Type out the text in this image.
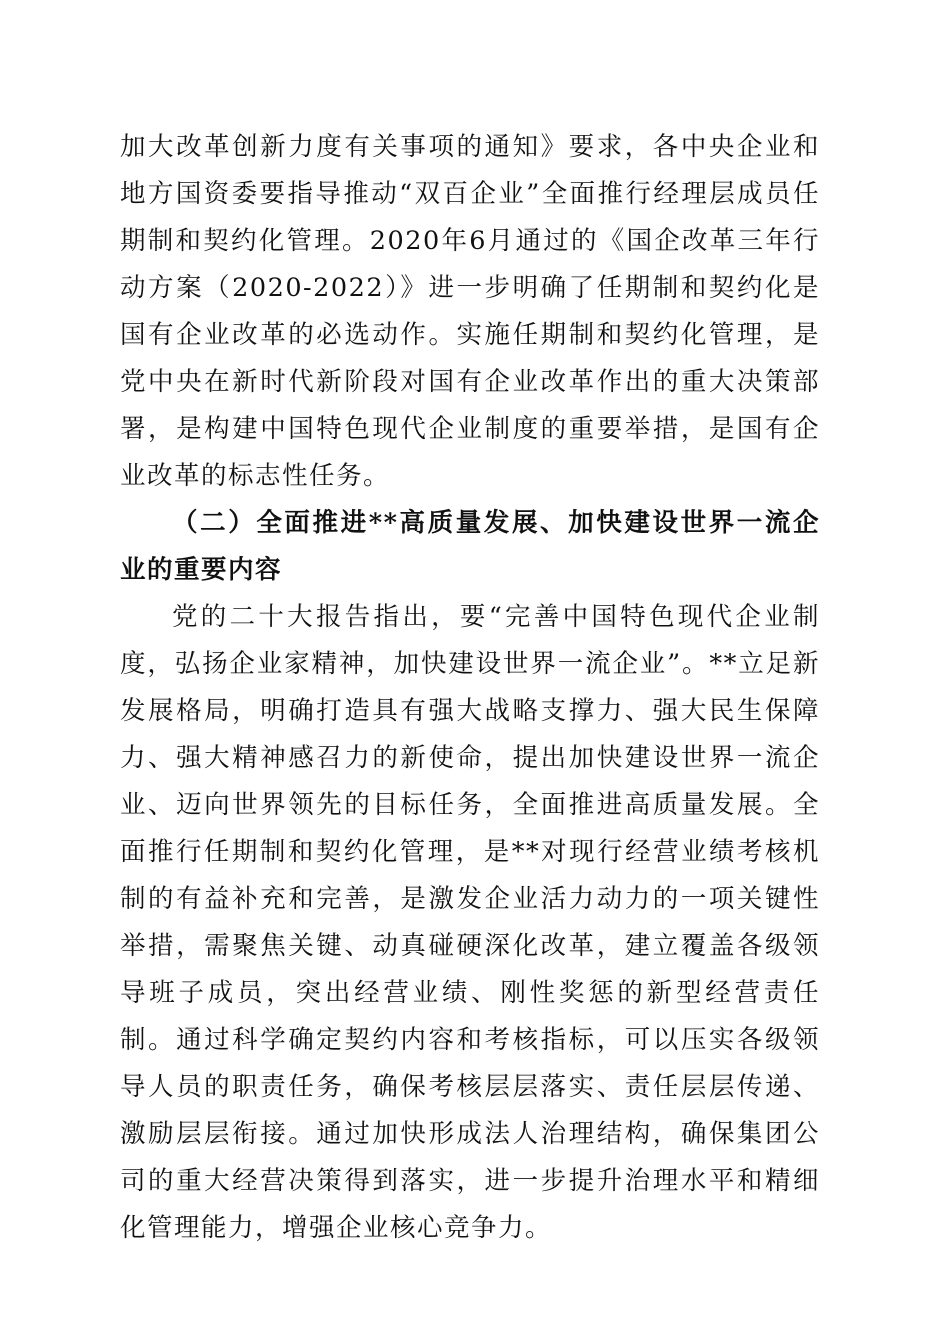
加大改革创新力度有关事项的通知》要求，各中央企业和地方国资委要指导推动“双百企业”全面推行经理层成员任期制和契约化管理。2020年6月通过的《国企改革三年行动方案（2020-2022）》进一步明确了任期制和契约化是国有企业改革的必选动作。实施任期制和契约化管理，是党中央在新时代新阶段对国有企业改革作出的重大决策部署，是构建中国特色现代企业制度的重要举措，是国有企业改革的标志性任务。

（二）全面推进**高质量发展、加快建设世界一流企业的重要内容

党的二十大报告指出，要“完善中国特色现代企业制度，弘扬企业家精神，加快建设世界一流企业”。**立足新发展格局，明确打造具有强大战略支撑力、强大民生保障力、强大精神感召力的新使命，提出加快建设世界一流企业、迈向世界领先的目标任务，全面推进高质量发展。全面推行任期制和契约化管理，是**对现行经营业绩考核机制的有益补充和完善，是激发企业活力动力的一项关键性举措，需聚焦关键、动真碰硬深化改革，建立覆盖各级领导班子成员，突出经营业绩、刚性奖惩的新型经营责任制。通过科学确定契约内容和考核指标，可以压实各级领导人员的职责任务，确保考核层层落实、责任层层传递、激励层层衔接。通过加快形成法人治理结构，确保集团公司的重大经营决策得到落实，进一步提升治理水平和精细化管理能力，增强企业核心竞争力。
